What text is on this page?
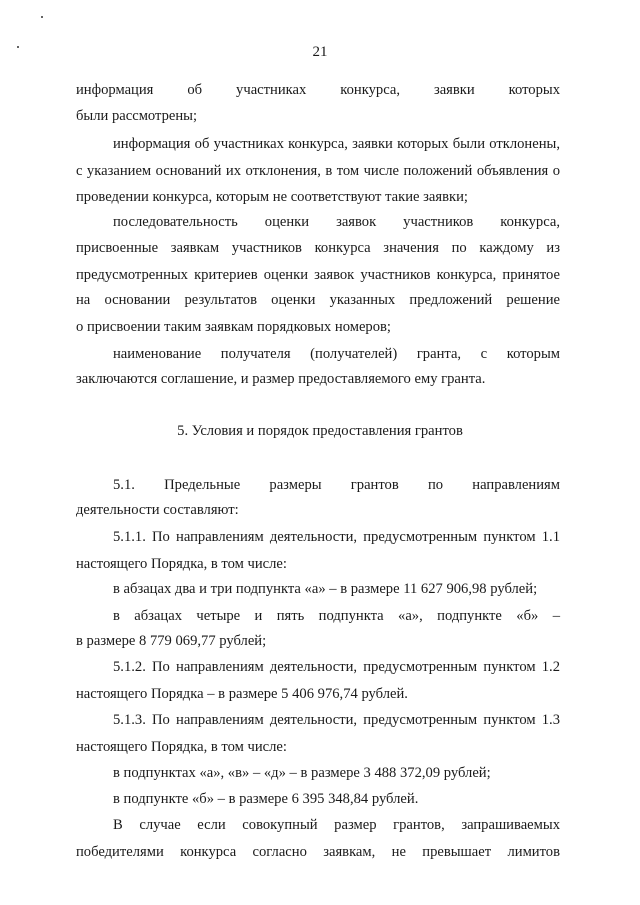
21
информация об участниках конкурса, заявки которых
были рассмотрены;
информация об участниках конкурса, заявки которых были отклонены,
с указанием оснований их отклонения, в том числе положений объявления о
проведении конкурса, которым не соответствуют такие заявки;
последовательность оценки заявок участников конкурса,
присвоенные заявкам участников конкурса значения по каждому из
предусмотренных критериев оценки заявок участников конкурса, принятое
на основании результатов оценки указанных предложений решение
о присвоении таким заявкам порядковых номеров;
наименование получателя (получателей) гранта, с которым
заключаются соглашение, и размер предоставляемого ему гранта.
5. Условия и порядок предоставления грантов
5.1. Предельные размеры грантов по направлениям
деятельности составляют:
5.1.1. По направлениям деятельности, предусмотренным пунктом 1.1
настоящего Порядка, в том числе:
в абзацах два и три подпункта «а» – в размере 11 627 906,98 рублей;
в абзацах четыре и пять подпункта «а», подпункте «б» –
в размере 8 779 069,77 рублей;
5.1.2. По направлениям деятельности, предусмотренным пунктом 1.2
настоящего Порядка – в размере 5 406 976,74 рублей.
5.1.3. По направлениям деятельности, предусмотренным пунктом 1.3
настоящего Порядка, в том числе:
в подпунктах «а», «в» – «д» – в размере 3 488 372,09 рублей;
в подпункте «б» – в размере 6 395 348,84 рублей.
В случае если совокупный размер грантов, запрашиваемых
победителями конкурса согласно заявкам, не превышает лимитов
